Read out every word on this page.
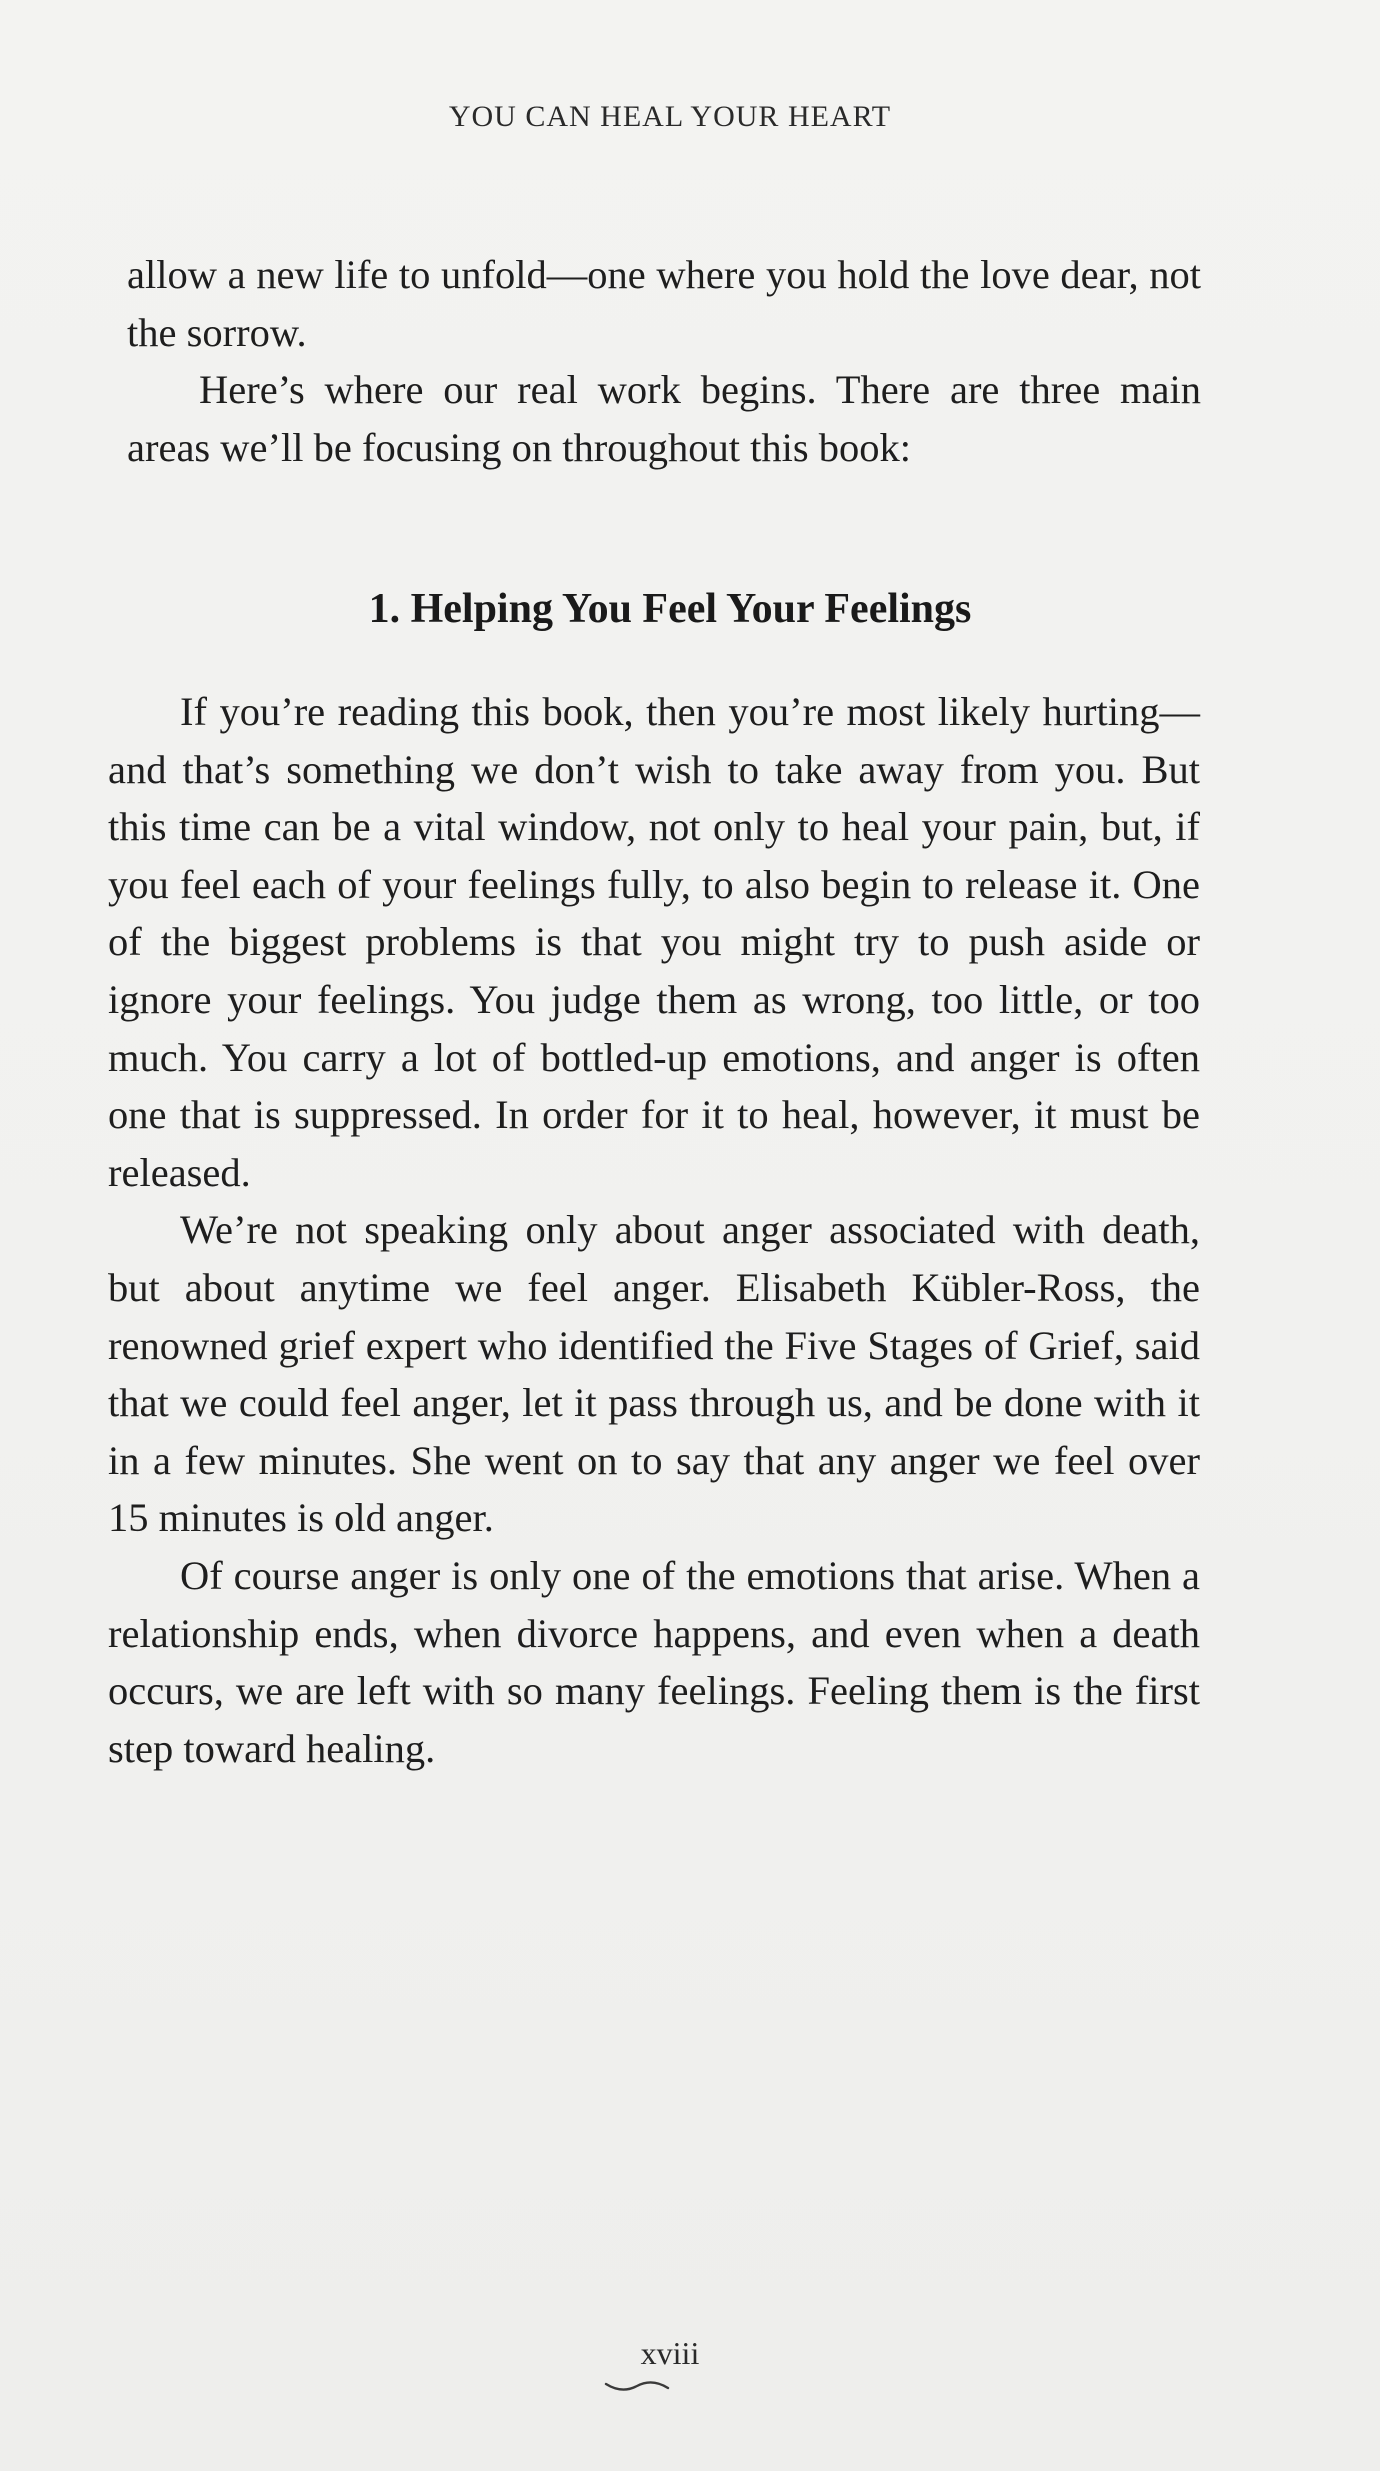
YOU CAN HEAL YOUR HEART

allow a new life to unfold—one where you hold the love dear, not the sorrow.

Here’s where our real work begins. There are three main areas we’ll be focusing on throughout this book:

1. Helping You Feel Your Feelings

If you’re reading this book, then you’re most likely hurting—and that’s something we don’t wish to take away from you. But this time can be a vital window, not only to heal your pain, but, if you feel each of your feelings fully, to also begin to release it. One of the biggest problems is that you might try to push aside or ignore your feelings. You judge them as wrong, too little, or too much. You carry a lot of bottled-up emotions, and anger is often one that is suppressed. In order for it to heal, however, it must be released.

We’re not speaking only about anger associated with death, but about anytime we feel anger. Elisabeth Kübler-Ross, the renowned grief expert who identified the Five Stages of Grief, said that we could feel anger, let it pass through us, and be done with it in a few minutes. She went on to say that any anger we feel over 15 minutes is old anger.

Of course anger is only one of the emotions that arise. When a relationship ends, when divorce happens, and even when a death occurs, we are left with so many feelings. Feeling them is the first step toward healing.

xviii
